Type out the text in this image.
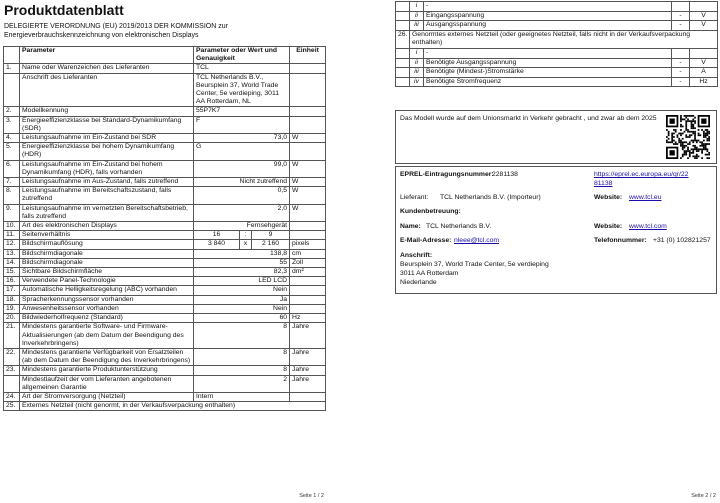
Produktdatenblatt
DELEGIERTE VERORDNUNG (EU) 2019/2013 DER KOMMISSION zur Energieverbrauchskennzeichnung von elektronischen Displays
	Parameter	Parameter oder Wert und Genauigkeit			Einheit
1.	Name oder Warenzeichen des Lieferanten	TCL			
	Anschrift des Lieferanten	TCL Netherlands B.V., Beursplein 37, World Trade Center, 5e verdieping, 3011 AA Rotterdam, NL			
2.	Modellkennung	55P7K7			
3.	Energieeffizienzklasse bei Standard-Dynamikumfang (SDR)	F			
4.	Leistungsaufnahme im Ein-Zustand bei SDR	73,0			W
5.	Energieeffizienzklasse bei hohem Dynamikumfang (HDR)	G			
6.	Leistungsaufnahme im Ein-Zustand bei hohem Dynamikumfang (HDR), falls vorhanden	99,0			W
7.	Leistungsaufnahme im Aus-Zustand, falls zutreffend	Nicht zutreffend			W
8.	Leistungsaufnahme im Bereitschaftszustand, falls zutreffend	0,5			W
9.	Leistungsaufnahme im vernetzten Bereitschaftsbetrieb, falls zutreffend	2,0			W
10.	Art des elektronischen Displays	Fernsehgerät			
11.	Seitenverhältnis	16	:	9	
12.	Bildschirmauflösung	3 840	x	2 160	pixels
13.	Bildschirmdiagonale	138,8			cm
14.	Bildschirmdiagonale	55			Zoll
15.	Sichtbare Bildschirmfläche	82,3			dm²
16.	Verwendete Panel-Technologie	LED LCD			
17.	Automatische Helligkeitsregelung (ABC) vorhanden	Nein			
18.	Spracherkennungssensor vorhanden	Ja			
19.	Anwesenheitssensor vorhanden	Nein			
20.	Bildwiederholfrequenz (Standard)	60			Hz
21.	Mindestens garantierte Software- und Firmware-Aktualisierungen (ab dem Datum der Beendigung des Inverkehrbringens)	8			Jahre
22.	Mindestens garantierte Verfügbarkeit von Ersatzteilen (ab dem Datum der Beendigung des Inverkehrbringens)	8			Jahre
23.	Mindestens garantierte Produktunterstützung	8			Jahre
	Mindestlaufzeit der vom Lieferanten angebotenen allgemeinen Garantie	2			Jahre
24.	Art der Stromversorgung (Netzteil)	Intern			
25.	Externes Netzteil (nicht genormt, in der Verkaufsverpackung enthalten)				
Seite 1 / 2
	i	-		
	ii	Eingangsspannung	-	V
	iii	Ausgangsspannung	-	V
26.	Genormtes externes Netzteil (oder geeignetes Netzteil, falls nicht in der Verkaufsverpackung enthalten)			
	i	-		
	ii	Benötigte Ausgangsspannung	-	V
	iii	Benötigte (Mindest-)Stromstärke	-	A
	iv	Benötigte Stromfrequenz	-	Hz
Das Modell wurde auf dem Unionsmarkt in Verkehr gebracht , und zwar ab dem 2025
EPREL-Eintragungsnummer:
2281138	https://eprel.ec.europa.eu/qr/22
81138
Lieferant: TCL Netherlands B.V. (Importeur)	Website: www.tcl.eu
Kundenbetreuung:
Name: TCL Netherlands B.V.	Website: www.tcl.com
E-Mail-Adresse: nleee@tcl.com	Telefonnummer: +31 (0) 102821257
Anschrift:
Beursplein 37, World Trade Center, 5e verdieping
3011 AA Rotterdam
Niederlande
Seite 2 / 2
